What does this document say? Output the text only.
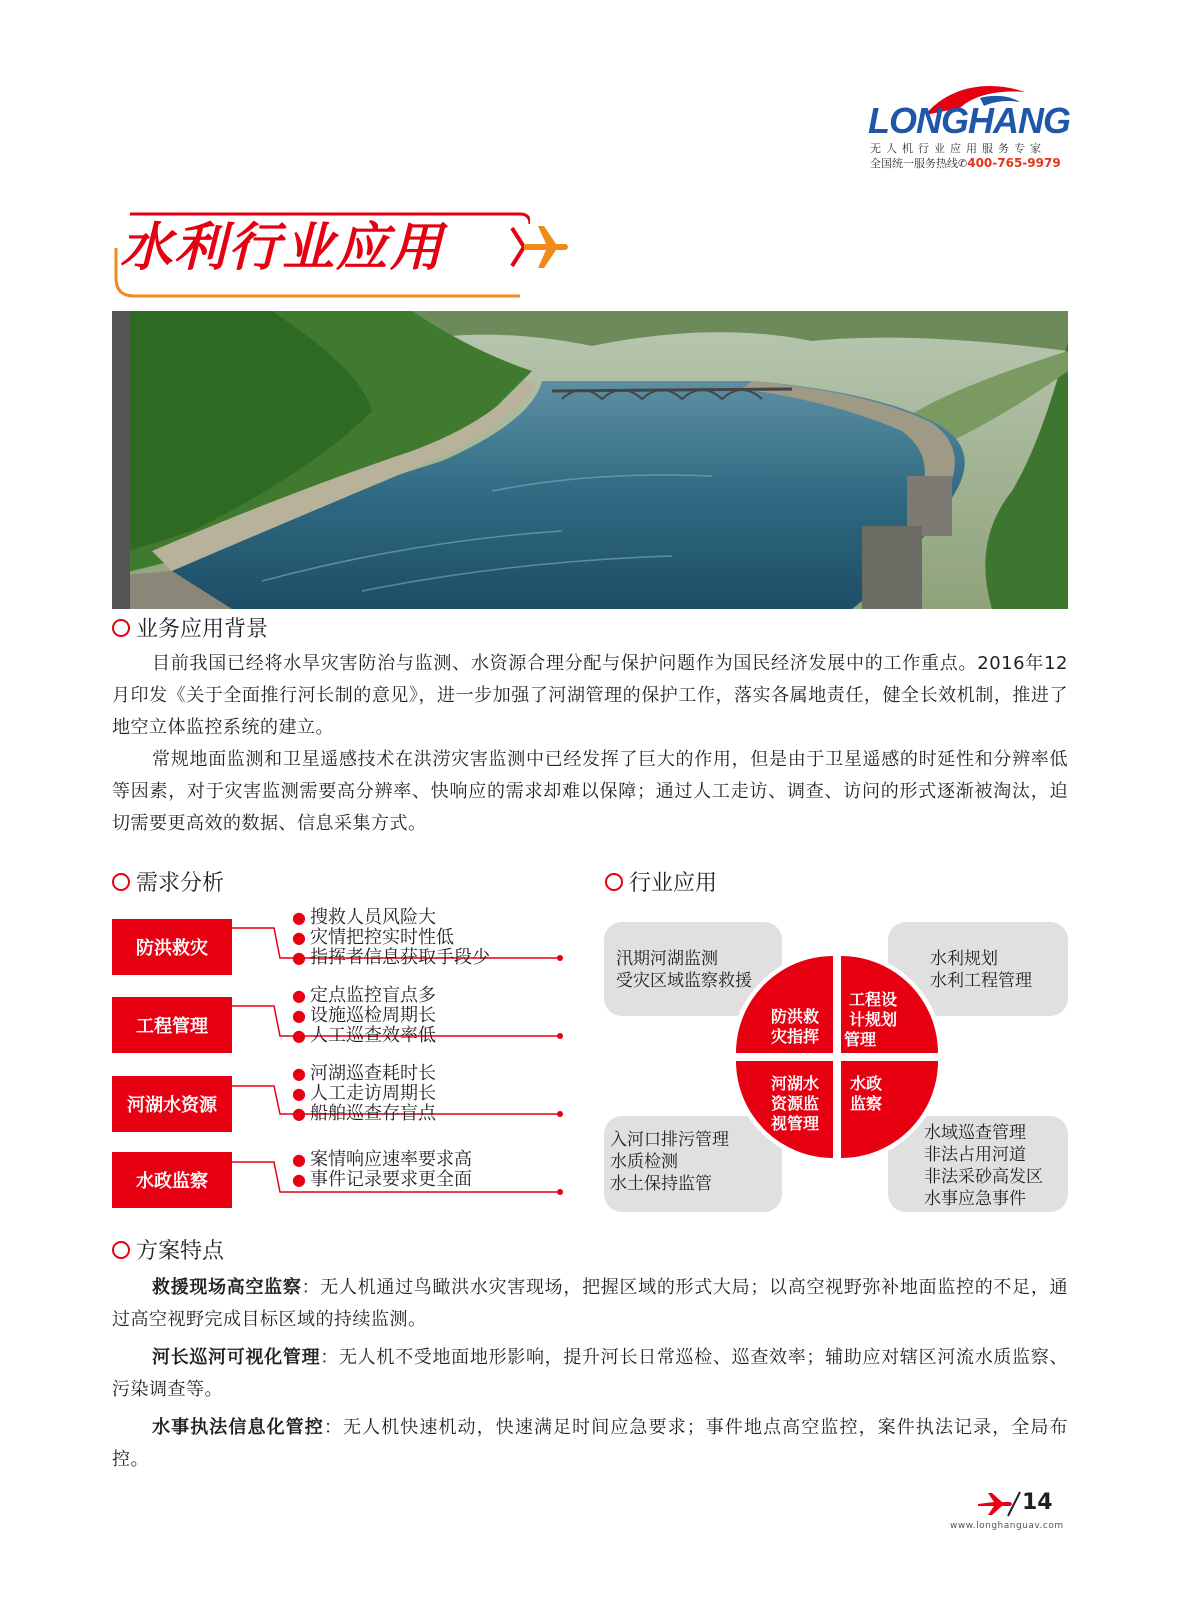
LONGHANG
无人机行业应用服务专家
全国统一服务热线✆400-765-9979
水利行业应用
业务应用背景

目前我国已经将水旱灾害防治与监测、水资源合理分配与保护问题作为国民经济发展中的工作重点。2016年12月印发《关于全面推行河长制的意见》，进一步加强了河湖管理的保护工作，落实各属地责任，健全长效机制，推进了地空立体监控系统的建立。

常规地面监测和卫星遥感技术在洪涝灾害监测中已经发挥了巨大的作用，但是由于卫星遥感的时延性和分辨率低等因素，对于灾害监测需要高分辨率、快响应的需求却难以保障；通过人工走访、调查、访问的形式逐渐被淘汰，迫切需要更高效的数据、信息采集方式。

需求分析
防洪救灾
● 搜救人员风险大
● 灾情把控实时性低
● 指挥者信息获取手段少
工程管理
● 定点监控盲点多
● 设施巡检周期长
● 人工巡查效率低
河湖水资源
● 河湖巡查耗时长
● 人工走访周期长
● 船舶巡查存盲点
水政监察
● 案情响应速率要求高
● 事件记录要求更全面
行业应用
汛期河湖监测
受灾区域监察救援
水利规划
水利工程管理
入河口排污管理
水质检测
水土保持监管
水域巡查管理
非法占用河道
非法采砂高发区
水事应急事件
防洪救
灾指挥
工程设
计规划
管理
河湖水
资源监
视管理
水政
监察
方案特点

救援现场高空监察：无人机通过鸟瞰洪水灾害现场，把握区域的形式大局；以高空视野弥补地面监控的不足，通过高空视野完成目标区域的持续监测。

河长巡河可视化管理：无人机不受地面地形影响，提升河长日常巡检、巡查效率；辅助应对辖区河流水质监察、污染调查等。

水事执法信息化管控：无人机快速机动，快速满足时间应急要求；事件地点高空监控，案件执法记录，全局布控。

14
www.longhanguav.com
